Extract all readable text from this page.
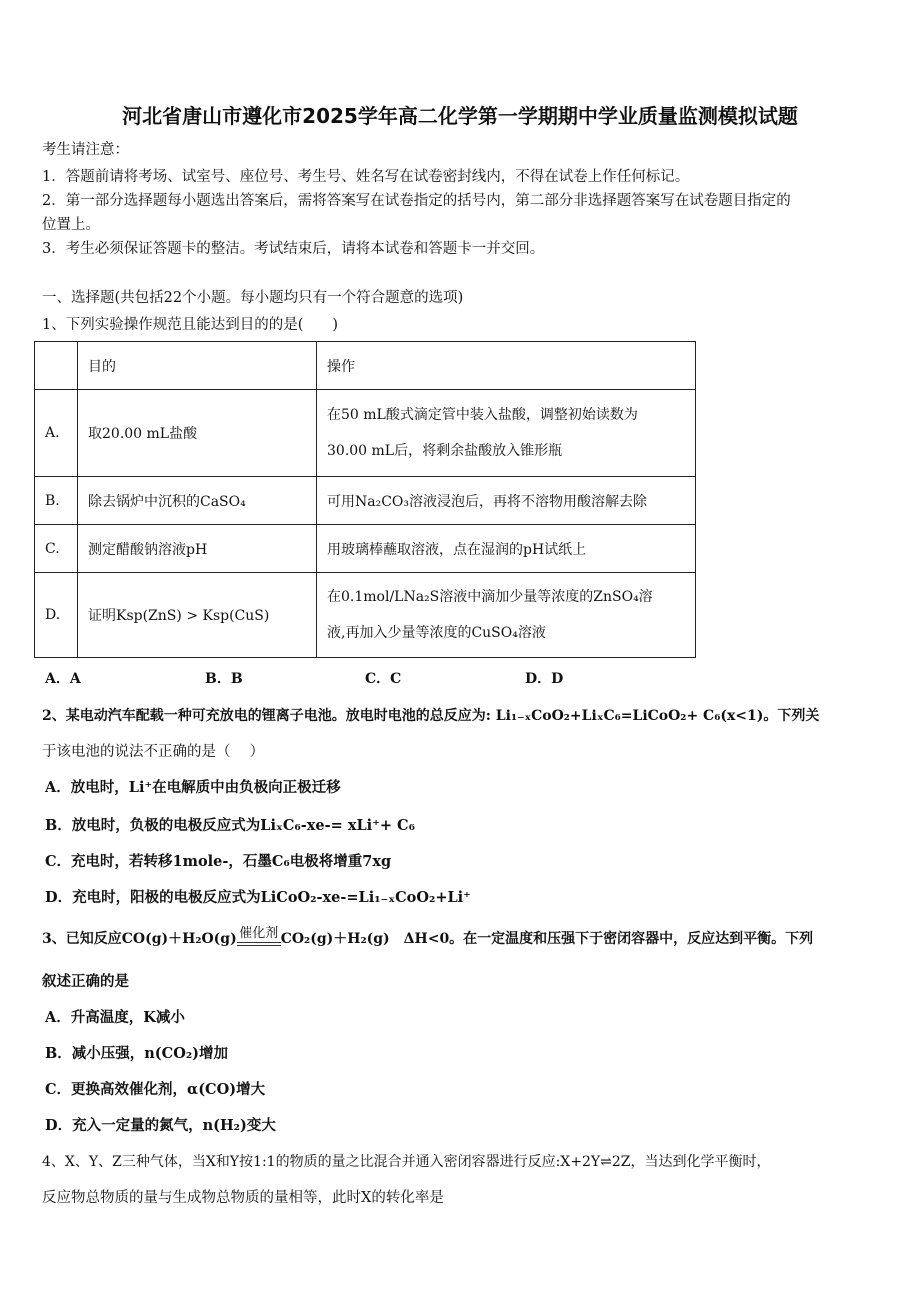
河北省唐山市遵化市2025学年高二化学第一学期期中学业质量监测模拟试题
考生请注意：
1．答题前请将考场、试室号、座位号、考生号、姓名写在试卷密封线内，不得在试卷上作任何标记。
2．第一部分选择题每小题选出答案后，需将答案写在试卷指定的括号内，第二部分非选择题答案写在试卷题目指定的
位置上。
3．考生必须保证答题卡的整洁。考试结束后，请将本试卷和答题卡一并交回。
一、选择题(共包括22个小题。每小题均只有一个符合题意的选项)
1、下列实验操作规范且能达到目的的是(　　)
	目的	操作
A.	取20.00 mL盐酸	在50 mL酸式滴定管中装入盐酸，调整初始读数为
30.00 mL后，将剩余盐酸放入锥形瓶

B.	除去锅炉中沉积的CaSO₄	可用Na₂CO₃溶液浸泡后，再将不溶物用酸溶解去除
C.	测定醋酸钠溶液pH	用玻璃棒蘸取溶液，点在湿润的pH试纸上
D.	证明Ksp(ZnS) > Ksp(CuS)	在0.1mol/LNa₂S溶液中滴加少量等浓度的ZnSO₄溶
液,再加入少量等浓度的CuSO₄溶液
A．A	B．B	C．C	D．D
2、某电动汽车配载一种可充放电的锂离子电池。放电时电池的总反应为: Li₁₋ₓCoO₂+LiₓC₆=LiCoO₂+ C₆(x<1)。下列关
于该电池的说法不正确的是（　 ）
A．放电时，Li⁺在电解质中由负极向正极迁移
B．放电时，负极的电极反应式为LiₓC₆-xe-= xLi⁺+ C₆
C．充电时，若转移1mole-，石墨C₆电极将增重7xg
D．充电时，阳极的电极反应式为LiCoO₂-xe-=Li₁₋ₓCoO₂+Li⁺
3、已知反应CO(g)＋H₂O(g) 催化剂 CO₂(g)＋H₂(g)　ΔH<0。在一定温度和压强下于密闭容器中，反应达到平衡。下列
叙述正确的是
A．升高温度，K减小
B．减小压强，n(CO₂)增加
C．更换高效催化剂，α(CO)增大
D．充入一定量的氮气，n(H₂)变大
4、X、Y、Z三种气体，当X和Y按1:1的物质的量之比混合并通入密闭容器进行反应:X+2Y⇌2Z，当达到化学平衡时，
反应物总物质的量与生成物总物质的量相等，此时X的转化率是
